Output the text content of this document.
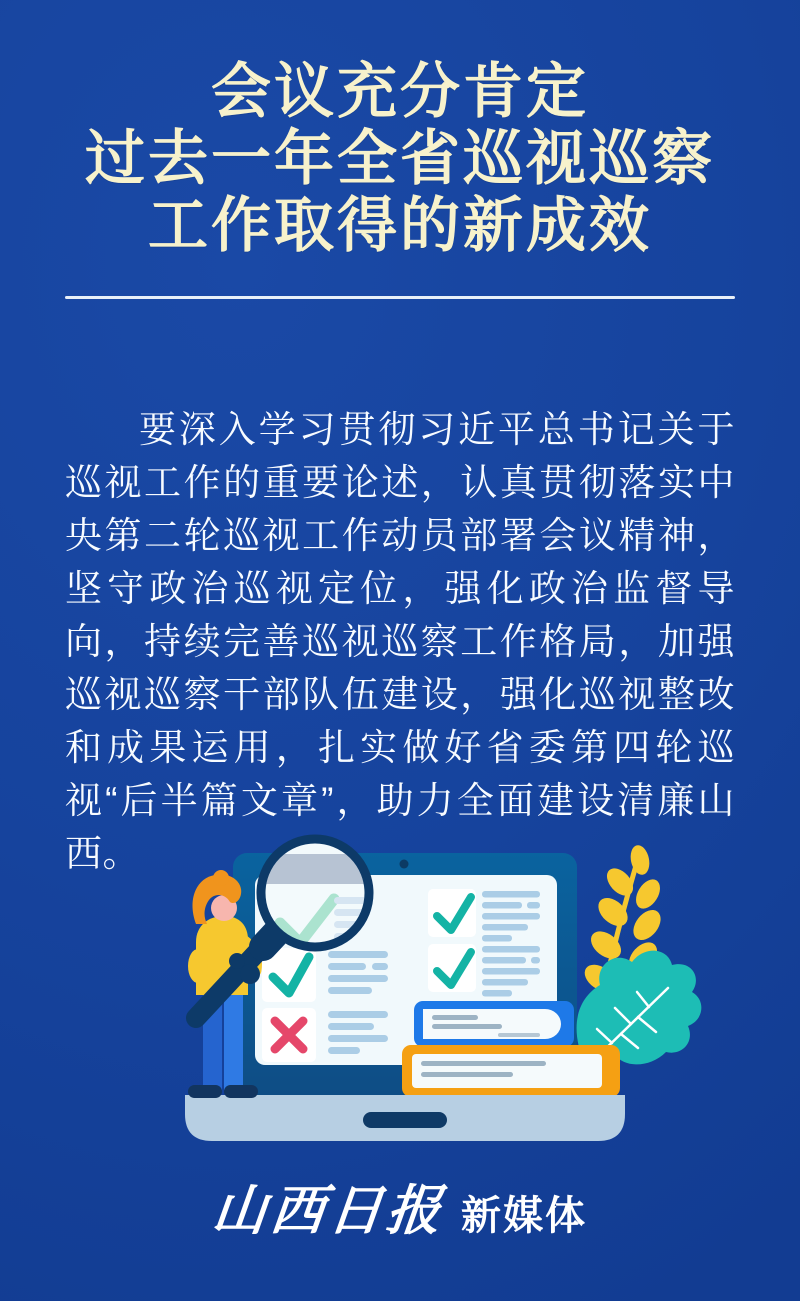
会议充分肯定
过去一年全省巡视巡察
工作取得的新成效

要深入学习贯彻习近平总书记关于巡视工作的重要论述，认真贯彻落实中央第二轮巡视工作动员部署会议精神，坚守政治巡视定位，强化政治监督导向，持续完善巡视巡察工作格局，加强巡视巡察干部队伍建设，强化巡视整改和成果运用，扎实做好省委第四轮巡视“后半篇文章”，助力全面建设清廉山西。

山西日报 新媒体
